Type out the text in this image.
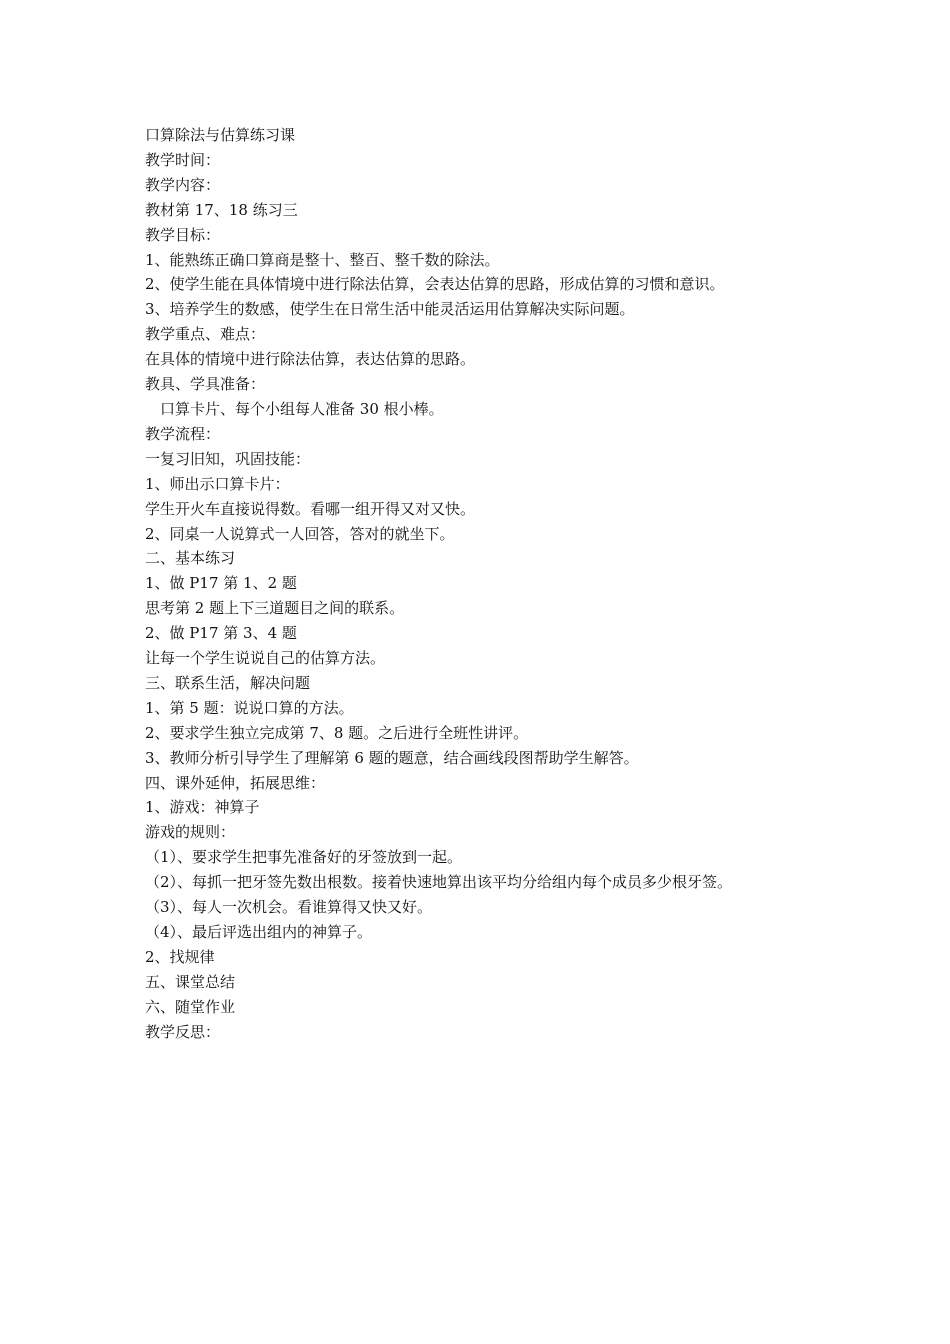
口算除法与估算练习课

教学时间：

教学内容：

教材第 17、18 练习三

教学目标：

1、能熟练正确口算商是整十、整百、整千数的除法。

2、使学生能在具体情境中进行除法估算，会表达估算的思路，形成估算的习惯和意识。

3、培养学生的数感，使学生在日常生活中能灵活运用估算解决实际问题。

教学重点、难点：

在具体的情境中进行除法估算，表达估算的思路。

教具、学具准备：

口算卡片、每个小组每人准备 30 根小棒。

教学流程：

一复习旧知，巩固技能：

1、师出示口算卡片：

学生开火车直接说得数。看哪一组开得又对又快。

2、同桌一人说算式一人回答，答对的就坐下。

二、基本练习

1、做 P17 第 1、2 题

思考第 2 题上下三道题目之间的联系。

2、做 P17 第 3、4 题

让每一个学生说说自己的估算方法。

三、联系生活，解决问题

1、第 5 题：说说口算的方法。

2、要求学生独立完成第 7、8 题。之后进行全班性讲评。

3、教师分析引导学生了理解第 6 题的题意，结合画线段图帮助学生解答。

四、课外延伸，拓展思维：

1、游戏：神算子

游戏的规则：

（1）、要求学生把事先准备好的牙签放到一起。

（2）、每抓一把牙签先数出根数。接着快速地算出该平均分给组内每个成员多少根牙签。

（3）、每人一次机会。看谁算得又快又好。

（4）、最后评选出组内的神算子。

2、找规律

五、课堂总结

六、随堂作业

教学反思：
